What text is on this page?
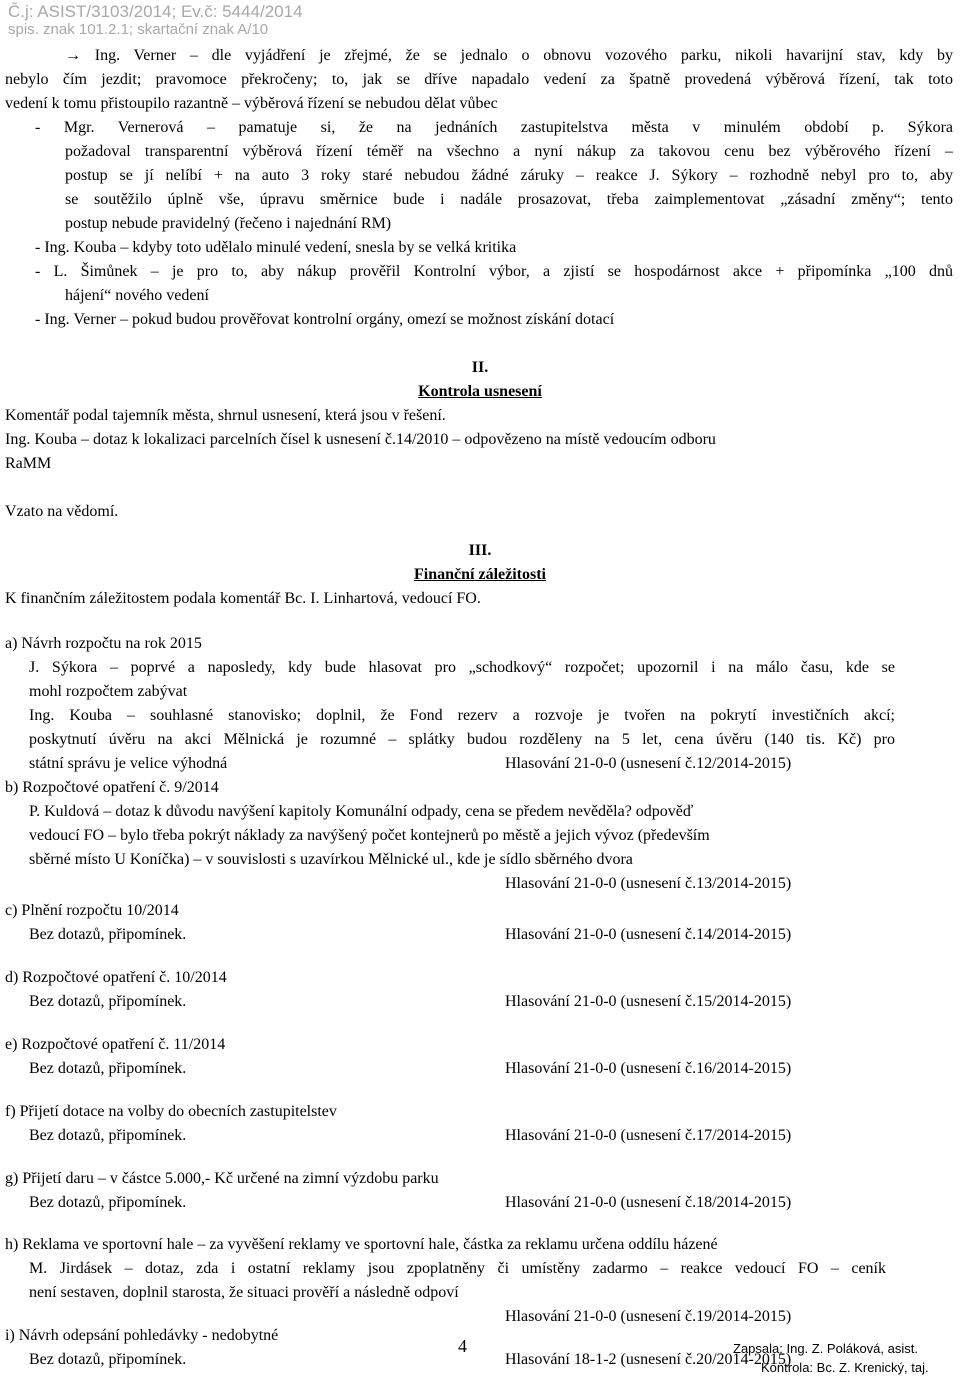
Č.j: ASIST/3103/2014; Ev.č: 5444/2014
spis. znak 101.2.1; skartační znak A/10
→ Ing. Verner – dle vyjádření je zřejmé, že se jednalo o obnovu vozového parku, nikoli havarijní stav, kdy by
nebylo čím jezdit; pravomoce překročeny; to, jak se dříve napadalo vedení za špatně provedená výběrová řízení, tak toto
vedení k tomu přistoupilo razantně – výběrová řízení se nebudou dělat vůbec
- Mgr. Vernerová – pamatuje si, že na jednáních zastupitelstva města v minulém období p. Sýkora
požadoval transparentní výběrová řízení téměř na všechno a nyní nákup za takovou cenu bez výběrového řízení –
postup se jí nelíbí + na auto 3 roky staré nebudou žádné záruky – reakce J. Sýkory – rozhodně nebyl pro to, aby
se soutěžilo úplně vše, úpravu směrnice bude i nadále prosazovat, třeba zaimplementovat „zásadní změny“; tento
postup nebude pravidelný (řečeno i najednání RM)
- Ing. Kouba – kdyby toto udělalo minulé vedení, snesla by se velká kritika
- L. Šimůnek – je pro to, aby nákup prověřil Kontrolní výbor, a zjistí se hospodárnost akce + připomínka „100 dnů
hájení“ nového vedení
- Ing. Verner – pokud budou prověřovat kontrolní orgány, omezí se možnost získání dotací
II.
Kontrola usnesení
Komentář podal tajemník města, shrnul usnesení, která jsou v řešení.
Ing. Kouba – dotaz k lokalizaci parcelních čísel k usnesení č.14/2010 – odpovězeno na místě vedoucím odboru
RaMM
Vzato na vědomí.
III.
Finanční záležitosti
K finančním záležitostem podala komentář Bc. I. Linhartová, vedoucí FO.
a) Návrh rozpočtu na rok 2015
J. Sýkora – poprvé a naposledy, kdy bude hlasovat pro „schodkový“ rozpočet; upozornil i na málo času, kde se
mohl rozpočtem zabývat
Ing. Kouba – souhlasné stanovisko; doplnil, že Fond rezerv a rozvoje je tvořen na pokrytí investičních akcí;
poskytnutí úvěru na akci Mělnická je rozumné – splátky budou rozděleny na 5 let, cena úvěru (140 tis. Kč) pro
státní správu je velice výhodná	Hlasování 21-0-0 (usnesení č.12/2014-2015)
b) Rozpočtové opatření č. 9/2014
P. Kuldová – dotaz k důvodu navýšení kapitoly Komunální odpady, cena se předem nevěděla? odpověď
vedoucí FO – bylo třeba pokrýt náklady za navýšený počet kontejnerů po městě a jejich vývoz (především
sběrné místo U Koníčka) – v souvislosti s uzavírkou Mělnické ul., kde je sídlo sběrného dvora
Hlasování 21-0-0 (usnesení č.13/2014-2015)
c) Plnění rozpočtu 10/2014
Bez dotazů, připomínek.	Hlasování 21-0-0 (usnesení č.14/2014-2015)
d) Rozpočtové opatření č. 10/2014
Bez dotazů, připomínek.	Hlasování 21-0-0 (usnesení č.15/2014-2015)
e) Rozpočtové opatření č. 11/2014
Bez dotazů, připomínek.	Hlasování 21-0-0 (usnesení č.16/2014-2015)
f) Přijetí dotace na volby do obecních zastupitelstev
Bez dotazů, připomínek.	Hlasování 21-0-0 (usnesení č.17/2014-2015)
g) Přijetí daru – v částce 5.000,- Kč určené na zimní výzdobu parku
Bez dotazů, připomínek.	Hlasování 21-0-0 (usnesení č.18/2014-2015)
h) Reklama ve sportovní hale – za vyvěšení reklamy ve sportovní hale, částka za reklamu určena oddílu házené
M. Jirdásek – dotaz, zda i ostatní reklamy jsou zpoplatněny či umístěny zadarmo – reakce vedoucí FO – ceník
není sestaven, doplnil starosta, že situaci prověří a následně odpoví
Hlasování 21-0-0 (usnesení č.19/2014-2015)
i) Návrh odepsání pohledávky - nedobytné
Bez dotazů, připomínek.	Hlasování 18-1-2 (usnesení č.20/2014-2015)
4	Zapsala: Ing. Z. Poláková, asist.
Kontrola: Bc. Z. Krenický, taj.
